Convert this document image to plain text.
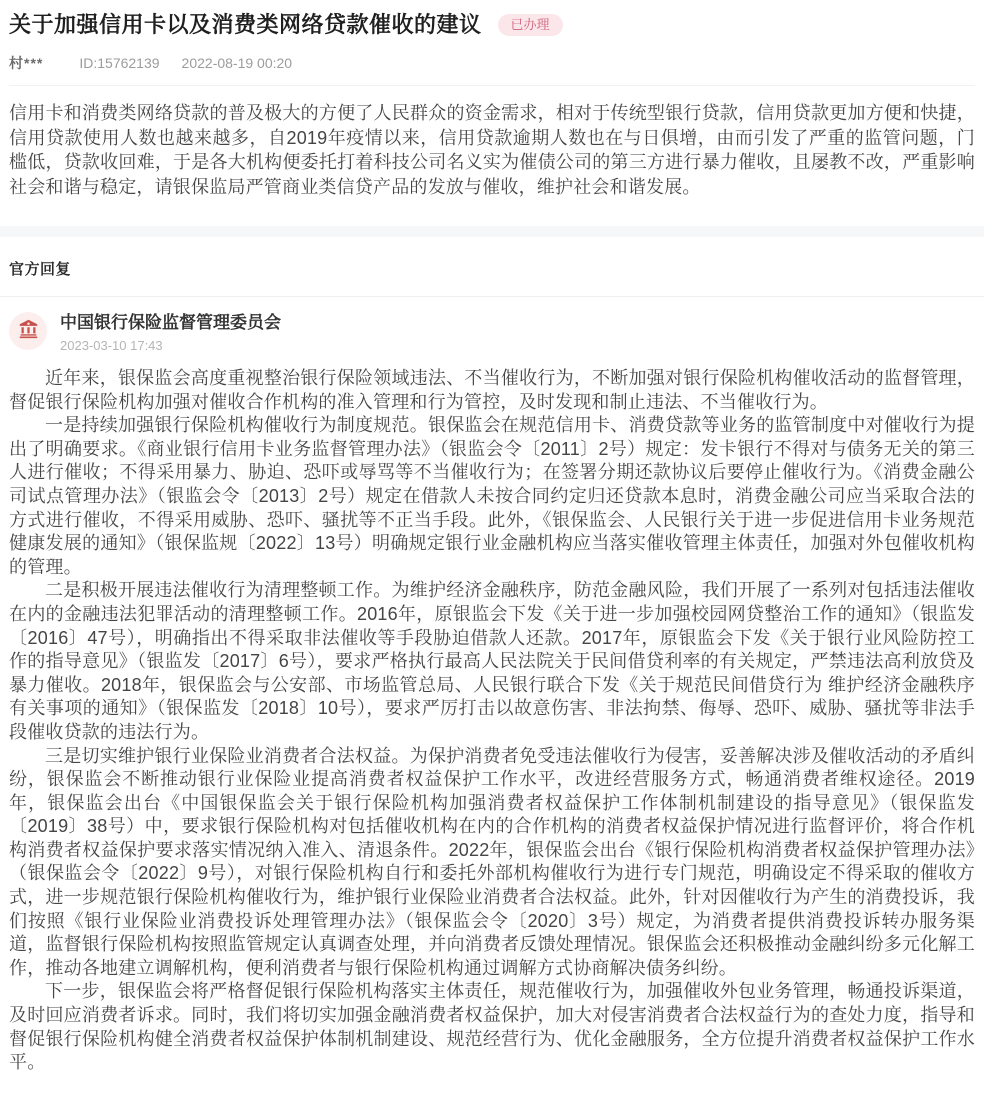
关于加强信用卡以及消费类网络贷款催收的建议	已办理
村***	ID:15762139 2022-08-19 00:20

信用卡和消费类网络贷款的普及极大的方便了人民群众的资金需求，相对于传统型银行贷款，信用贷款更加方便和快捷，信用贷款使用人数也越来越多，自2019年疫情以来，信用贷款逾期人数也在与日俱增，由而引发了严重的监管问题，门槛低，贷款收回难，于是各大机构便委托打着科技公司名义实为催债公司的第三方进行暴力催收，且屡教不改，严重影响社会和谐与稳定，请银保监局严管商业类信贷产品的发放与催收，维护社会和谐发展。

官方回复
中国银行保险监督管理委员会
2023-03-10 17:43

近年来，银保监会高度重视整治银行保险领域违法、不当催收行为，不断加强对银行保险机构催收活动的监督管理，督促银行保险机构加强对催收合作机构的准入管理和行为管控，及时发现和制止违法、不当催收行为。

一是持续加强银行保险机构催收行为制度规范。银保监会在规范信用卡、消费贷款等业务的监管制度中对催收行为提出了明确要求。《商业银行信用卡业务监督管理办法》（银监会令〔2011〕2号）规定：发卡银行不得对与债务无关的第三人进行催收；不得采用暴力、胁迫、恐吓或辱骂等不当催收行为；在签署分期还款协议后要停止催收行为。《消费金融公司试点管理办法》（银监会令〔2013〕2号）规定在借款人未按合同约定归还贷款本息时，消费金融公司应当采取合法的方式进行催收，不得采用威胁、恐吓、骚扰等不正当手段。此外，《银保监会、人民银行关于进一步促进信用卡业务规范健康发展的通知》（银保监规〔2022〕13号）明确规定银行业金融机构应当落实催收管理主体责任，加强对外包催收机构的管理。

二是积极开展违法催收行为清理整顿工作。为维护经济金融秩序，防范金融风险，我们开展了一系列对包括违法催收在内的金融违法犯罪活动的清理整顿工作。2016年，原银监会下发《关于进一步加强校园网贷整治工作的通知》（银监发〔2016〕47号），明确指出不得采取非法催收等手段胁迫借款人还款。2017年，原银监会下发《关于银行业风险防控工作的指导意见》（银监发〔2017〕6号），要求严格执行最高人民法院关于民间借贷利率的有关规定，严禁违法高利放贷及暴力催收。2018年，银保监会与公安部、市场监管总局、人民银行联合下发《关于规范民间借贷行为 维护经济金融秩序有关事项的通知》（银保监发〔2018〕10号），要求严厉打击以故意伤害、非法拘禁、侮辱、恐吓、威胁、骚扰等非法手段催收贷款的违法行为。

三是切实维护银行业保险业消费者合法权益。为保护消费者免受违法催收行为侵害，妥善解决涉及催收活动的矛盾纠纷，银保监会不断推动银行业保险业提高消费者权益保护工作水平，改进经营服务方式，畅通消费者维权途径。2019年，银保监会出台《中国银保监会关于银行保险机构加强消费者权益保护工作体制机制建设的指导意见》（银保监发〔2019〕38号）中，要求银行保险机构对包括催收机构在内的合作机构的消费者权益保护情况进行监督评价，将合作机构消费者权益保护要求落实情况纳入准入、清退条件。2022年，银保监会出台《银行保险机构消费者权益保护管理办法》（银保监会令〔2022〕9号），对银行保险机构自行和委托外部机构催收行为进行专门规范，明确设定不得采取的催收方式，进一步规范银行保险机构催收行为，维护银行业保险业消费者合法权益。此外，针对因催收行为产生的消费投诉，我们按照《银行业保险业消费投诉处理管理办法》（银保监会令〔2020〕3号）规定，为消费者提供消费投诉转办服务渠道，监督银行保险机构按照监管规定认真调查处理，并向消费者反馈处理情况。银保监会还积极推动金融纠纷多元化解工作，推动各地建立调解机构，便利消费者与银行保险机构通过调解方式协商解决债务纠纷。

下一步，银保监会将严格督促银行保险机构落实主体责任，规范催收行为，加强催收外包业务管理，畅通投诉渠道，及时回应消费者诉求。同时，我们将切实加强金融消费者权益保护，加大对侵害消费者合法权益行为的查处力度，指导和督促银行保险机构健全消费者权益保护体制机制建设、规范经营行为、优化金融服务，全方位提升消费者权益保护工作水平。
